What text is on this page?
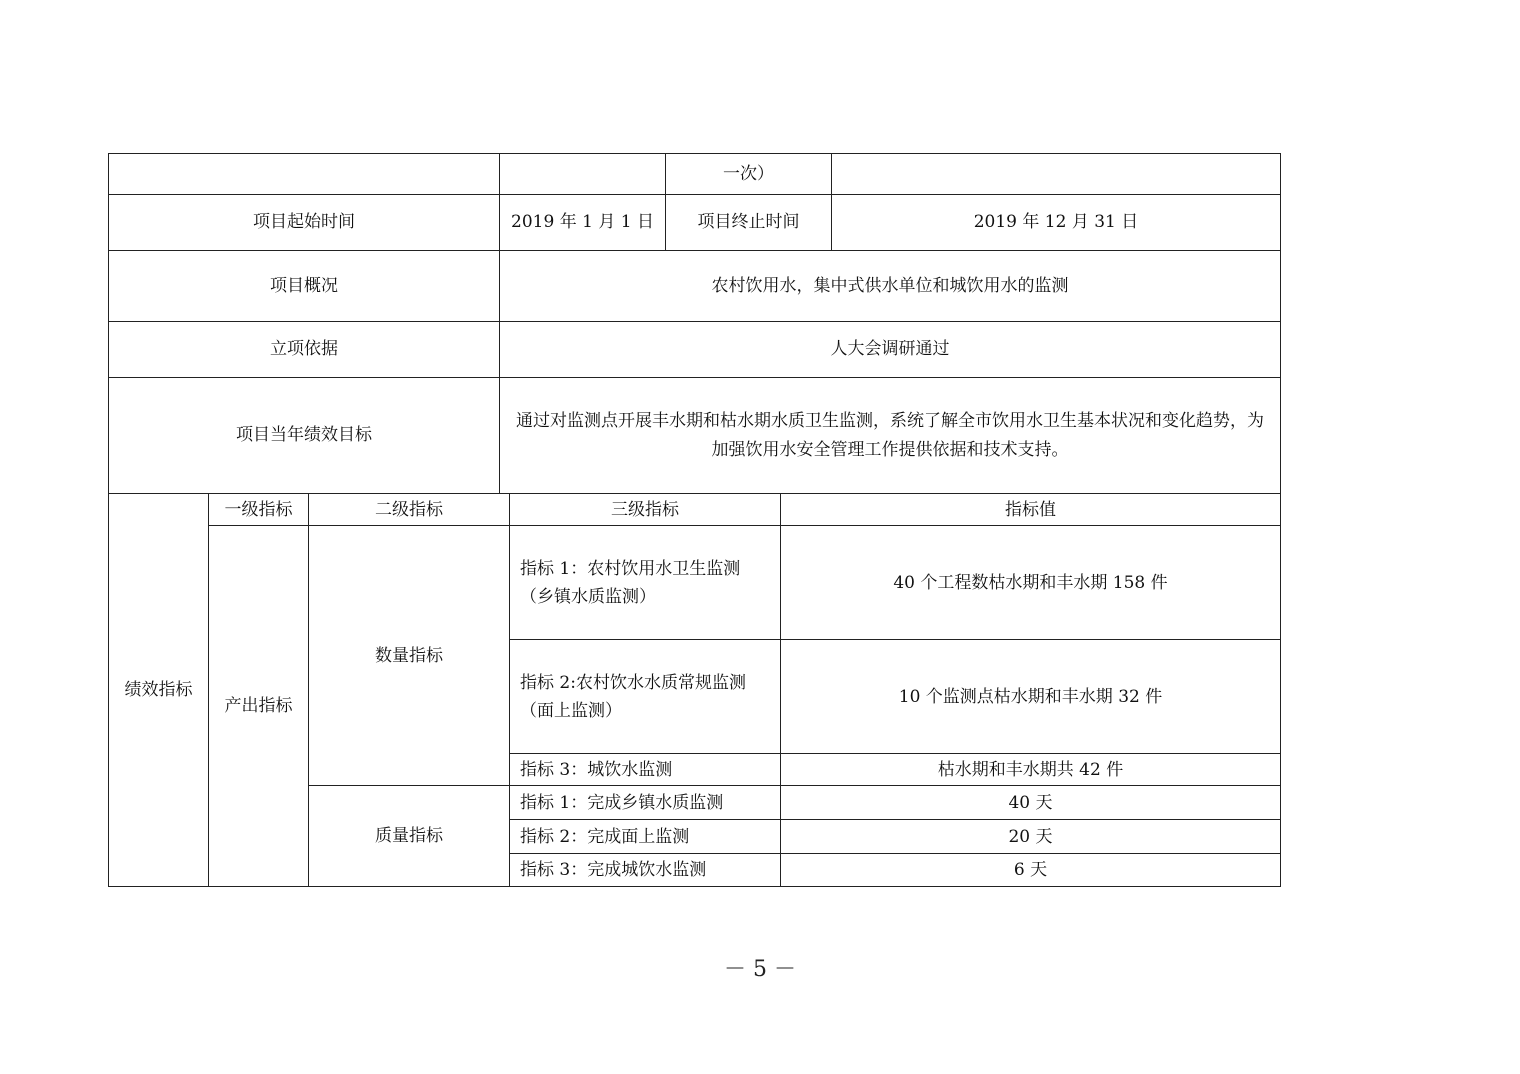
		一次）	
项目起始时间	2019 年 1 月 1 日	项目终止时间	2019 年 12 月 31 日
项目概况	农村饮用水，集中式供水单位和城饮用水的监测		
立项依据	人大会调研通过		
项目当年绩效目标	通过对监测点开展丰水期和枯水期水质卫生监测，系统了解全市饮用水卫生基本状况和变化趋势，为加强饮用水安全管理工作提供依据和技术支持。		
绩效指标	一级指标	二级指标	三级指标	指标值
	产出指标	数量指标	指标 1：农村饮用水卫生监测（乡镇水质监测）	40 个工程数枯水期和丰水期 158 件
			指标 2:农村饮水水质常规监测（面上监测）	10 个监测点枯水期和丰水期 32 件
			指标 3：城饮水监测	枯水期和丰水期共 42 件
		质量指标	指标 1：完成乡镇水质监测	40 天
			指标 2：完成面上监测	20 天
			指标 3：完成城饮水监测	6 天
－ 5 －
